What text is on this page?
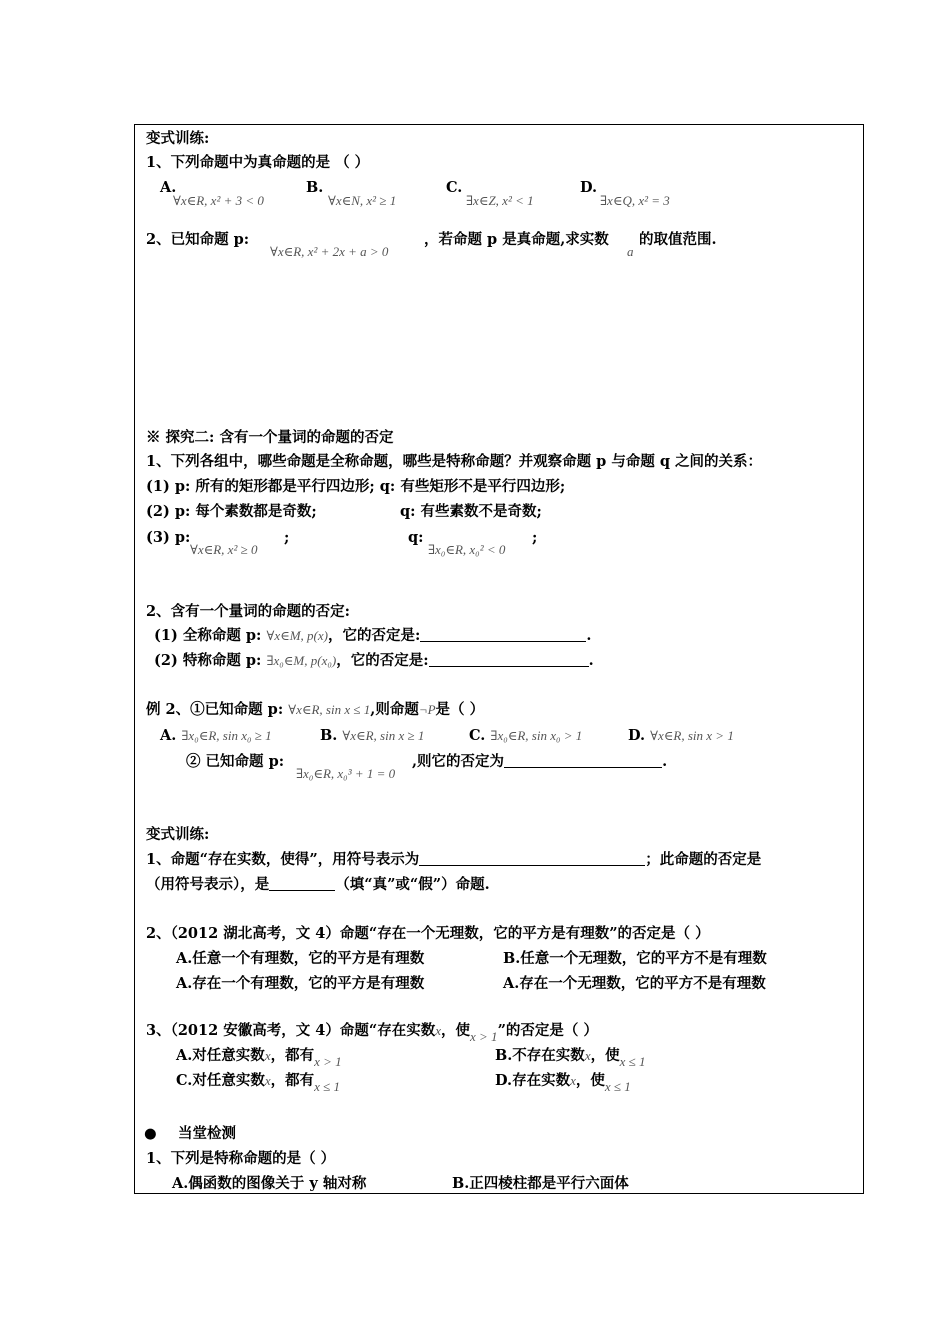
变式训练:
1、下列命题中为真命题的是 （ ）
A.
∀x∈R, x² + 3 < 0
B.
∀x∈N, x² ≥ 1
C.
∃x∈Z, x² < 1
D.
∃x∈Q, x² = 3
2、已知命题 p:
∀x∈R, x² + 2x + a > 0
，若命题 p 是真命题,求实数
a
的取值范围.
※ 探究二: 含有一个量词的命题的否定
1、下列各组中，哪些命题是全称命题，哪些是特称命题？并观察命题 p 与命题 q 之间的关系：
(1) p: 所有的矩形都是平行四边形; q: 有些矩形不是平行四边形;
(2) p: 每个素数都是奇数;	q: 有些素数不是奇数;
(3) p:
∀x∈R, x² ≥ 0
;	q:
∃x₀∈R, x₀² < 0
;
2、含有一个量词的命题的否定:
(1) 全称命题 p: ∀x∈M, p(x)，它的否定是:	.
(2) 特称命题 p: ∃x₀∈M, p(x₀)，它的否定是:	.
例 2、①已知命题 p: ∀x∈R, sin x ≤ 1,则命题¬P是（ ）
A. ∃x₀∈R, sin x₀ ≥ 1	B. ∀x∈R, sin x ≥ 1	C. ∃x₀∈R, sin x₀ > 1	D. ∀x∈R, sin x > 1
② 已知命题 p:
∃x₀∈R, x₀³ + 1 = 0
,则它的否定为	.
变式训练:
1、命题“存在实数，使得”，用符号表示为	；此命题的否定是
（用符号表示），是	（填“真”或“假”）命题.
2、（2012 湖北高考，文 4）命题“存在一个无理数，它的平方是有理数”的否定是（ ）
A.任意一个有理数，它的平方是有理数	B.任意一个无理数，它的平方不是有理数
A.存在一个有理数，它的平方是有理数	A.存在一个无理数，它的平方不是有理数
3、（2012 安徽高考，文 4）命题“存在实数x，使x > 1”的否定是（ ）
A.对任意实数x，都有x > 1	B.不存在实数x，使x ≤ 1
C.对任意实数x，都有x ≤ 1	D.存在实数x，使x ≤ 1
● 当堂检测
1、下列是特称命题的是（ ）
A.偶函数的图像关于 y 轴对称	B.正四棱柱都是平行六面体
